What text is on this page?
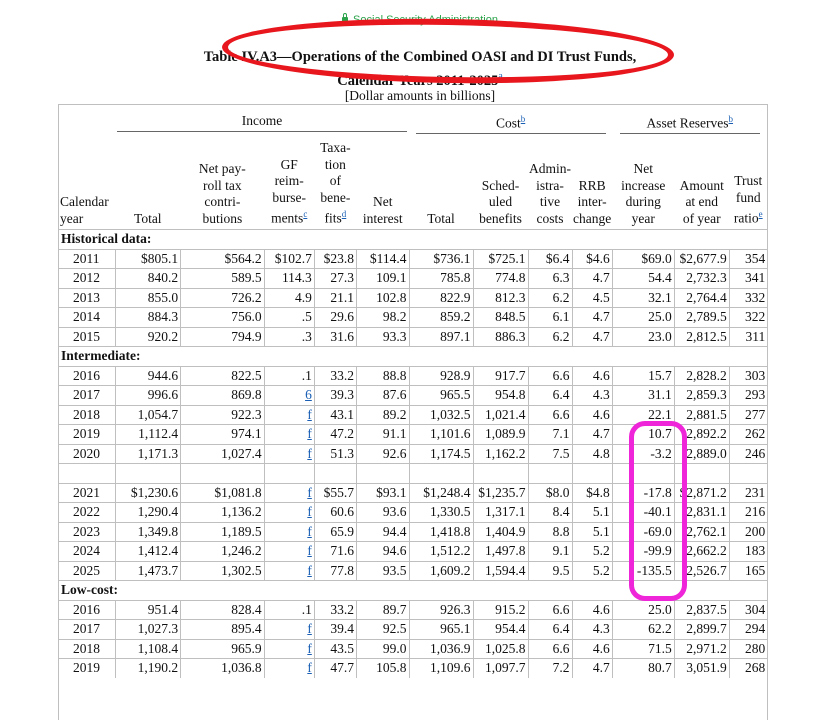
Social Security Administration
Table IV.A3—Operations of the Combined OASI and DI Trust Funds,
Calendar Years 2011-2025$^a$
[Dollar amounts in billions]
	Income					Cost$^b$				Asset Reserves$^b$
Calendar
year	Total	Net pay-
roll tax
contri-
butions	GF
reim-
burse-
ments$^c$	Taxa-
tion
of
bene-
fits$^d$	Net
interest	Total	Sched-
uled
benefits	Admin-
istra-
tive
costs	RRB
inter-
change	Net
increase
during
year	Amount
at end
of year	Trust
fund
ratio$^e$
Historical data:												
2011	$805.1	$564.2	$102.7	$23.8	$114.4	$736.1	$725.1	$6.4	$4.6	$69.0	$2,677.9	354
2012	840.2	589.5	114.3	27.3	109.1	785.8	774.8	6.3	4.7	54.4	2,732.3	341
2013	855.0	726.2	4.9	21.1	102.8	822.9	812.3	6.2	4.5	32.1	2,764.4	332
2014	884.3	756.0	.5	29.6	98.2	859.2	848.5	6.1	4.7	25.0	2,789.5	322
2015	920.2	794.9	.3	31.6	93.3	897.1	886.3	6.2	4.7	23.0	2,812.5	311
Intermediate:												
2016	944.6	822.5	.1	33.2	88.8	928.9	917.7	6.6	4.6	15.7	2,828.2	303
2017	996.6	869.8	6	39.3	87.6	965.5	954.8	6.4	4.3	31.1	2,859.3	293
2018	1,054.7	922.3	f	43.1	89.2	1,032.5	1,021.4	6.6	4.6	22.1	2,881.5	277
2019	1,112.4	974.1	f	47.2	91.1	1,101.6	1,089.9	7.1	4.7	10.7	2,892.2	262
2020	1,171.3	1,027.4	f	51.3	92.6	1,174.5	1,162.2	7.5	4.8	-3.2	2,889.0	246

2021	$1,230.6	$1,081.8	f	$55.7	$93.1	$1,248.4	$1,235.7	$8.0	$4.8	-17.8	$2,871.2	231
2022	1,290.4	1,136.2	f	60.6	93.6	1,330.5	1,317.1	8.4	5.1	-40.1	2,831.1	216
2023	1,349.8	1,189.5	f	65.9	94.4	1,418.8	1,404.9	8.8	5.1	-69.0	2,762.1	200
2024	1,412.4	1,246.2	f	71.6	94.6	1,512.2	1,497.8	9.1	5.2	-99.9	2,662.2	183
2025	1,473.7	1,302.5	f	77.8	93.5	1,609.2	1,594.4	9.5	5.2	-135.5	2,526.7	165
Low-cost:												
2016	951.4	828.4	.1	33.2	89.7	926.3	915.2	6.6	4.6	25.0	2,837.5	304
2017	1,027.3	895.4	f	39.4	92.5	965.1	954.4	6.4	4.3	62.2	2,899.7	294
2018	1,108.4	965.9	f	43.5	99.0	1,036.9	1,025.8	6.6	4.6	71.5	2,971.2	280
2019	1,190.2	1,036.8	f	47.7	105.8	1,109.6	1,097.7	7.2	4.7	80.7	3,051.9	268
